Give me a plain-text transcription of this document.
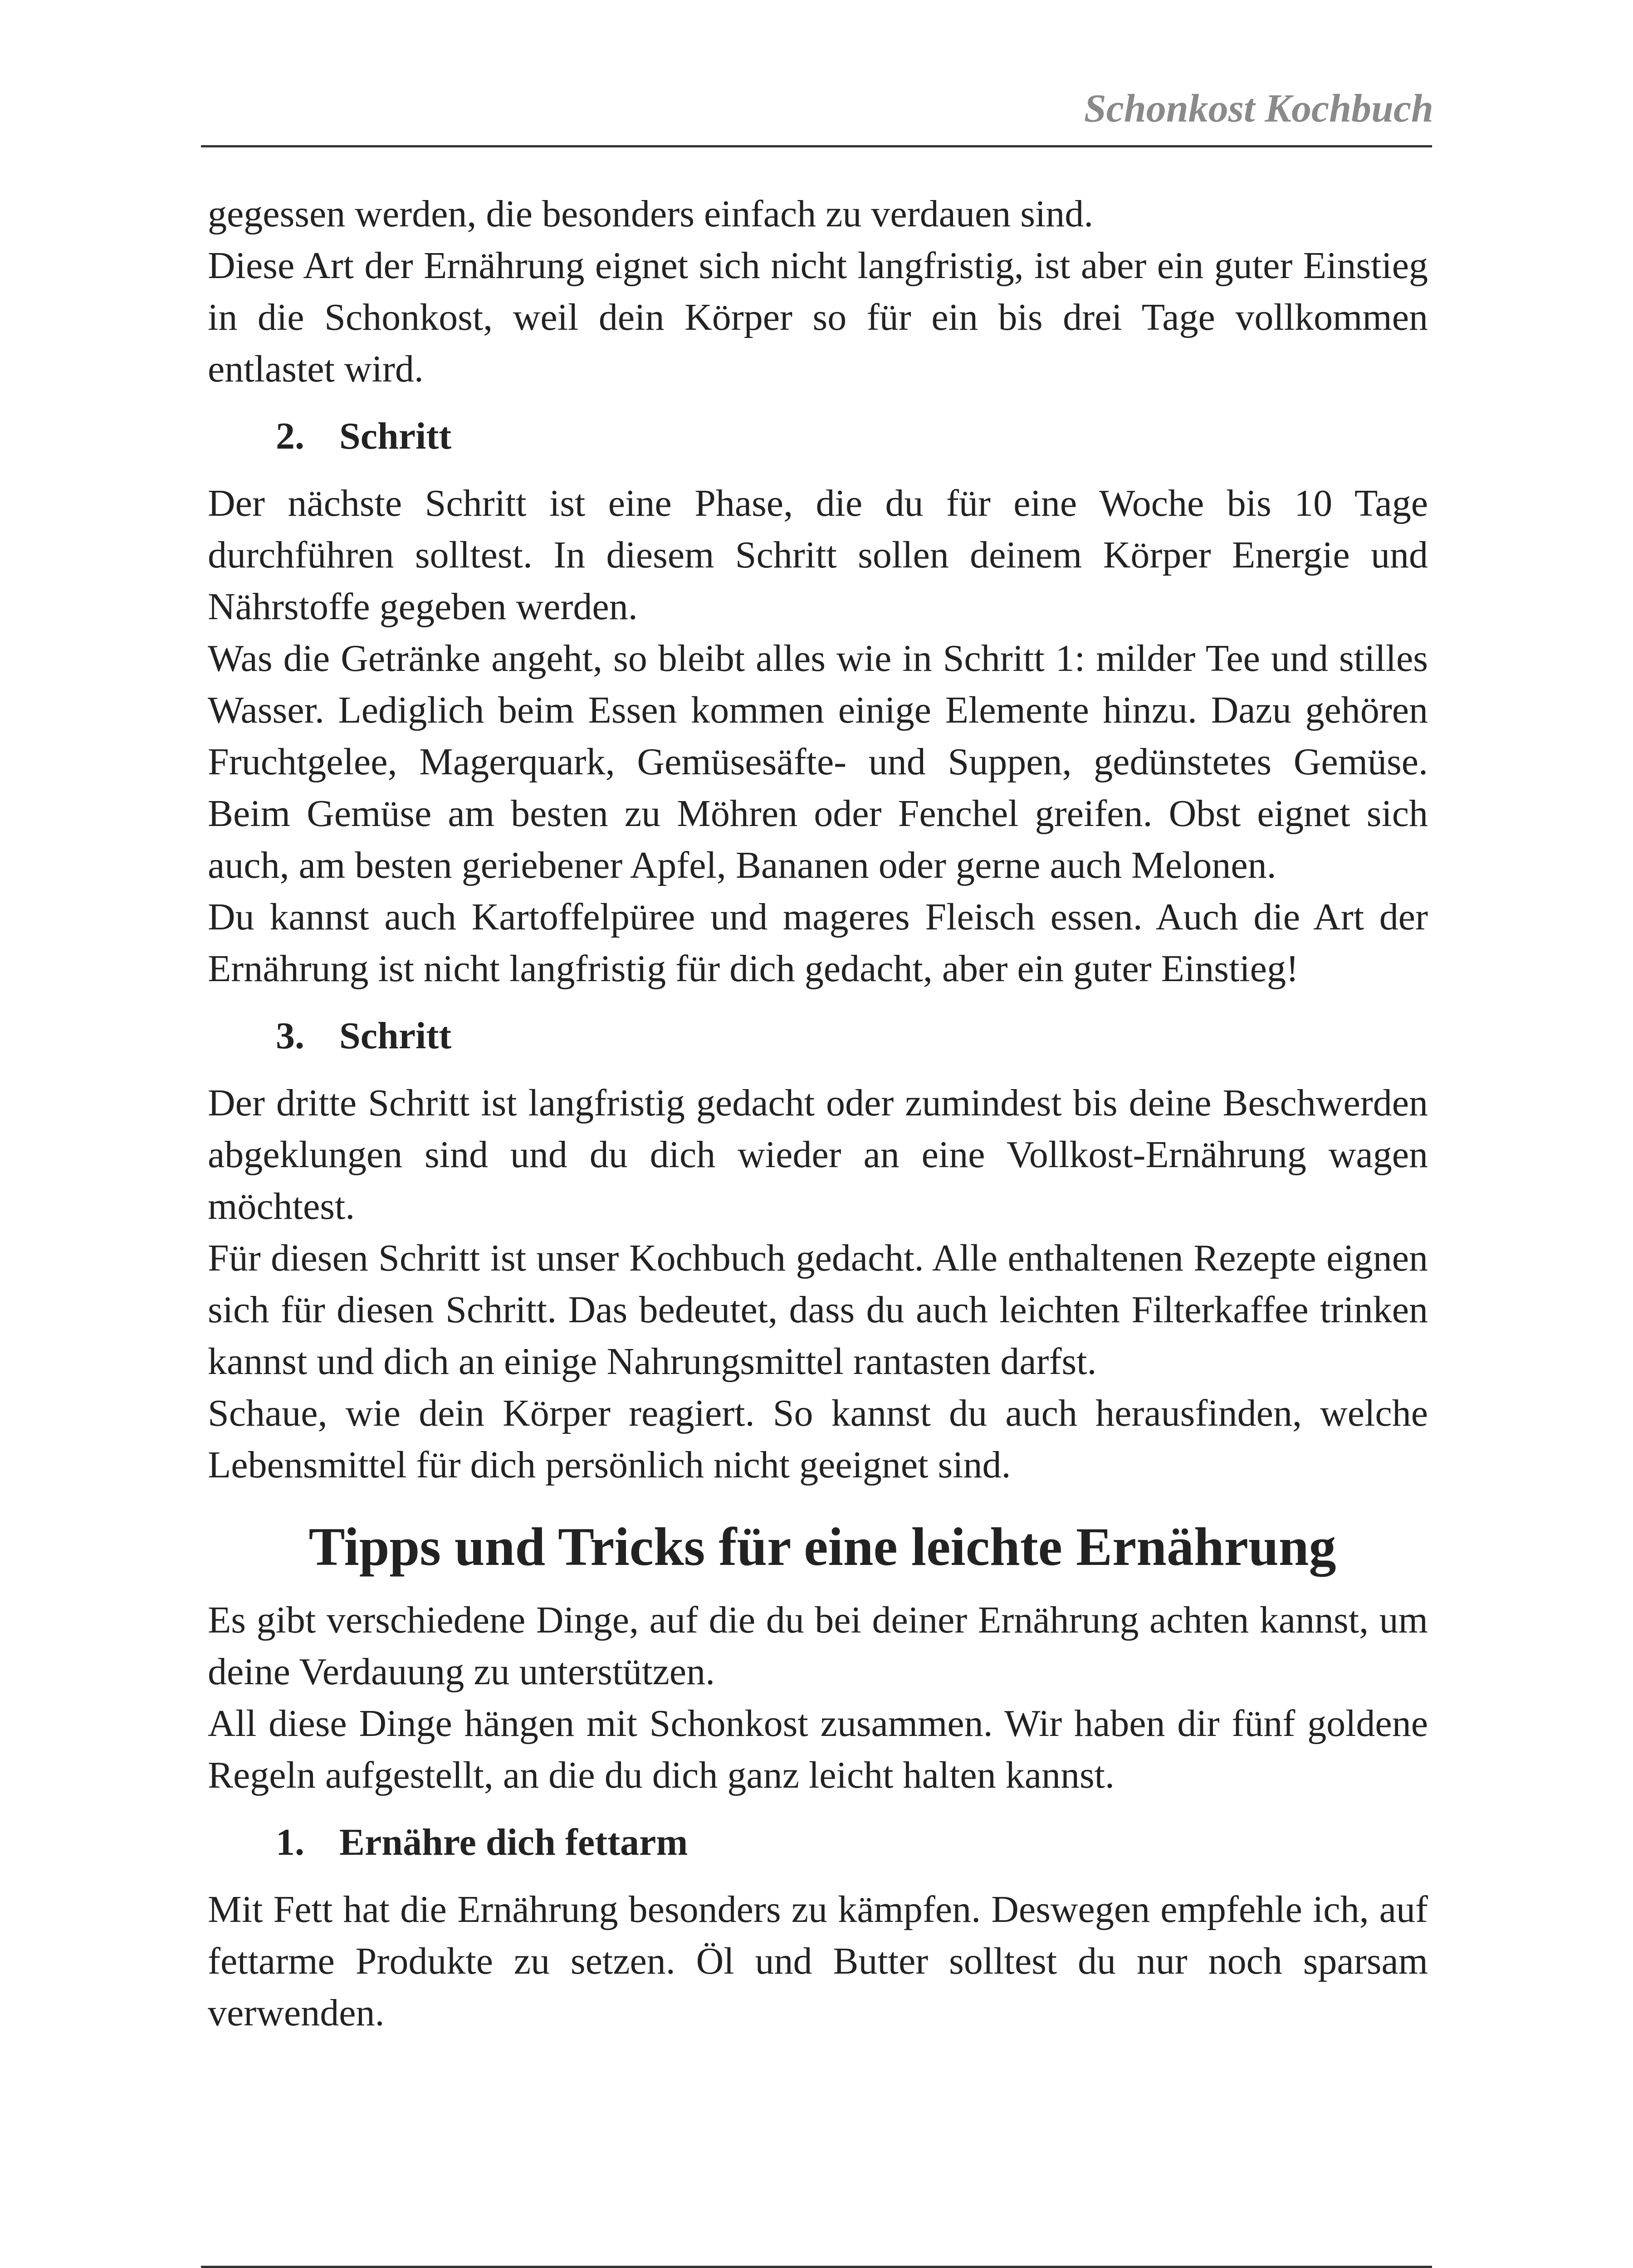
Schonkost Kochbuch

gegessen werden, die besonders einfach zu verdauen sind.

Diese Art der Ernährung eignet sich nicht langfristig, ist aber ein guter Einstieg in die Schonkost, weil dein Körper so für ein bis drei Tage vollkommen entlastet wird.

2. Schritt

Der nächste Schritt ist eine Phase, die du für eine Woche bis 10 Tage durchführen solltest. In diesem Schritt sollen deinem Körper Energie und Nährstoffe gegeben werden.

Was die Getränke angeht, so bleibt alles wie in Schritt 1: milder Tee und stilles Wasser. Lediglich beim Essen kommen einige Elemente hinzu. Dazu gehören Fruchtgelee, Magerquark, Gemüsesäfte- und Suppen, gedünstetes Gemüse. Beim Gemüse am besten zu Möhren oder Fenchel greifen. Obst eignet sich auch, am besten geriebener Apfel, Bananen oder gerne auch Melonen.

Du kannst auch Kartoffelpüree und mageres Fleisch essen. Auch die Art der Ernährung ist nicht langfristig für dich gedacht, aber ein guter Einstieg!

3. Schritt

Der dritte Schritt ist langfristig gedacht oder zumindest bis deine Beschwerden abgeklungen sind und du dich wieder an eine Vollkost-Ernährung wagen möchtest.

Für diesen Schritt ist unser Kochbuch gedacht. Alle enthaltenen Rezepte eignen sich für diesen Schritt. Das bedeutet, dass du auch leichten Filterkaffee trinken kannst und dich an einige Nahrungsmittel rantasten darfst.

Schaue, wie dein Körper reagiert. So kannst du auch herausfinden, welche Lebensmittel für dich persönlich nicht geeignet sind.

Tipps und Tricks für eine leichte Ernährung

Es gibt verschiedene Dinge, auf die du bei deiner Ernährung achten kannst, um deine Verdauung zu unterstützen.

All diese Dinge hängen mit Schonkost zusammen. Wir haben dir fünf goldene Regeln aufgestellt, an die du dich ganz leicht halten kannst.

1. Ernähre dich fettarm

Mit Fett hat die Ernährung besonders zu kämpfen. Deswegen empfehle ich, auf fettarme Produkte zu setzen. Öl und Butter solltest du nur noch sparsam verwenden.
